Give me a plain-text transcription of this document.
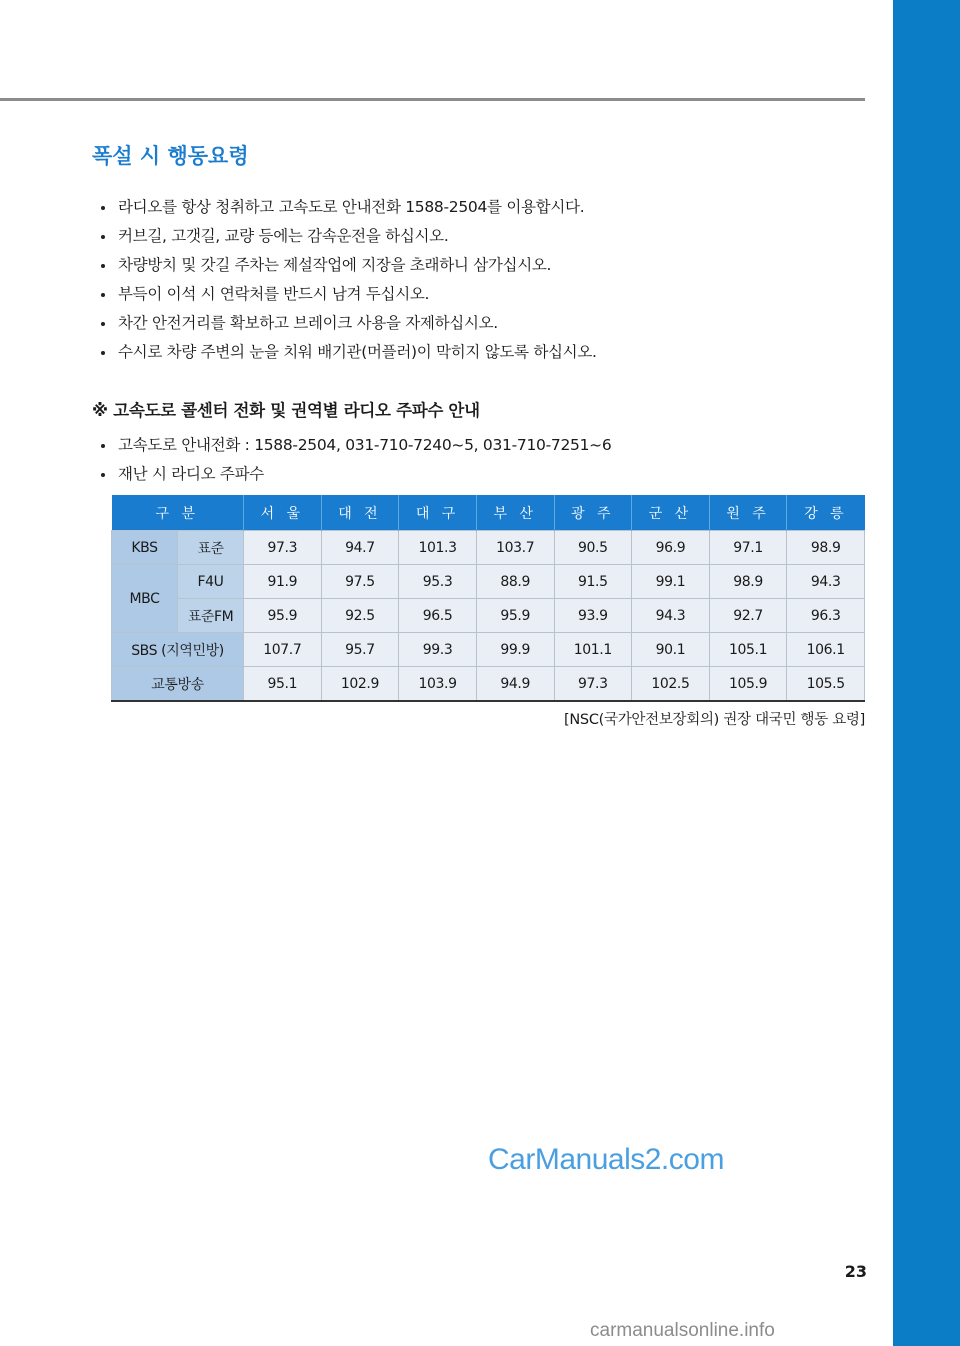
폭설 시 행동요령
라디오를 항상 청취하고 고속도로 안내전화 1588-2504를 이용합시다.
커브길, 고갯길, 교량 등에는 감속운전을 하십시오.
차량방치 및 갓길 주차는 제설작업에 지장을 초래하니 삼가십시오.
부득이 이석 시 연락처를 반드시 남겨 두십시오.
차간 안전거리를 확보하고 브레이크 사용을 자제하십시오.
수시로 차량 주변의 눈을 치워 배기관(머플러)이 막히지 않도록 하십시오.
※ 고속도로 콜센터 전화 및 권역별 라디오 주파수 안내
고속도로 안내전화 : 1588-2504, 031-710-7240~5, 031-710-7251~6
재난 시 라디오 주파수
구 분		서 울	대 전	대 구	부 산	광 주	군 산	원 주	강 릉
KBS	표준	97.3	94.7	101.3	103.7	90.5	96.9	97.1	98.9
MBC	F4U	91.9	97.5	95.3	88.9	91.5	99.1	98.9	94.3
	표준FM	95.9	92.5	96.5	95.9	93.9	94.3	92.7	96.3
SBS (지역민방)		107.7	95.7	99.3	99.9	101.1	90.1	105.1	106.1
교통방송		95.1	102.9	103.9	94.9	97.3	102.5	105.9	105.5
[NSC(국가안전보장회의) 권장 대국민 행동 요령]
CarManuals2.com
23
carmanualsonline.info
